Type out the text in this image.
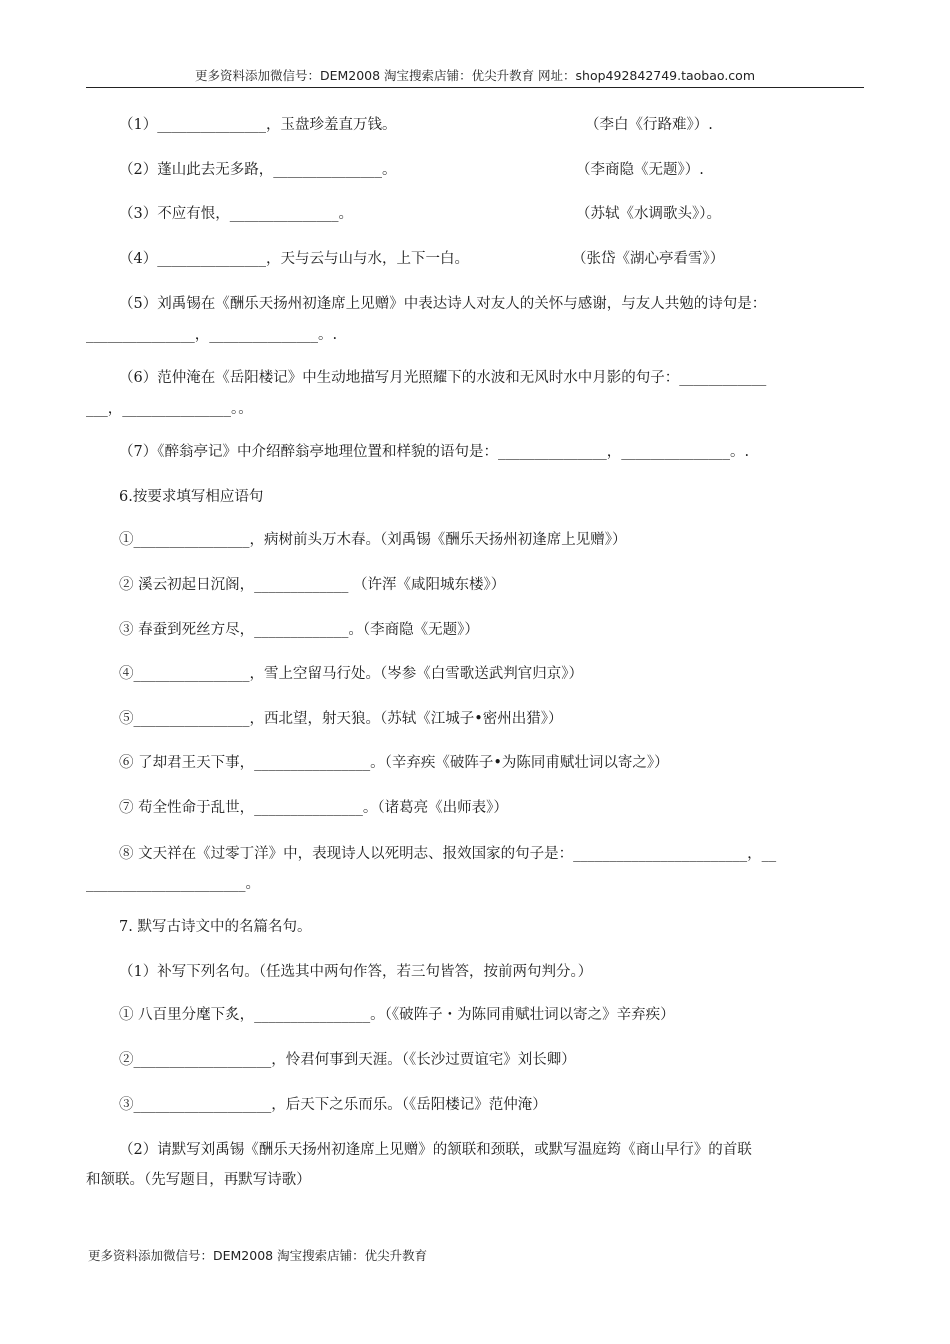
更多资料添加微信号：DEM2008 淘宝搜索店铺：优尖升教育 网址：shop492842749.taobao.com
（1）_______________，玉盘珍羞直万钱。	（李白《行路难》）.
（2）蓬山此去无多路，_______________。	（李商隐《无题》）.
（3）不应有恨，_______________。	（苏轼《水调歌头》）。
（4）_______________，天与云与山与水，上下一白。	（张岱《湖心亭看雪》）
（5）刘禹锡在《酬乐天扬州初逢席上见赠》中表达诗人对友人的关怀与感谢，与友人共勉的诗句是：
_______________，_______________。.
（6）范仲淹在《岳阳楼记》中生动地描写月光照耀下的水波和无风时水中月影的句子：____________
___，_______________。。
（7）《醉翁亭记》中介绍醉翁亭地理位置和样貌的语句是：_______________，_______________。.
6.按要求填写相应语句
①________________，病树前头万木春。（刘禹锡《酬乐天扬州初逢席上见赠》）
② 溪云初起日沉阁，_____________ （许浑《咸阳城东楼》）
③ 春蚕到死丝方尽，_____________。（李商隐《无题》）
④________________，雪上空留马行处。（岑参《白雪歌送武判官归京》）
⑤________________，西北望，射天狼。（苏轼《江城子•密州出猎》）
⑥ 了却君王天下事，________________。（辛弃疾《破阵子•为陈同甫赋壮词以寄之》）
⑦ 苟全性命于乱世，_______________。（诸葛亮《出师表》）
⑧ 文天祥在《过零丁洋》中，表现诗人以死明志、报效国家的句子是：________________________，__
______________________。
7. 默写古诗文中的名篇名句。
（1）补写下列名句。（任选其中两句作答，若三句皆答，按前两句判分。）
① 八百里分麾下炙，________________。（《破阵子・为陈同甫赋壮词以寄之》辛弃疾）
②___________________，怜君何事到天涯。（《长沙过贾谊宅》刘长卿）
③___________________，后天下之乐而乐。（《岳阳楼记》范仲淹）
（2）请默写刘禹锡《酬乐天扬州初逢席上见赠》的颔联和颈联，或默写温庭筠《商山早行》的首联
和颔联。（先写题目，再默写诗歌）
更多资料添加微信号：DEM2008 淘宝搜索店铺：优尖升教育
